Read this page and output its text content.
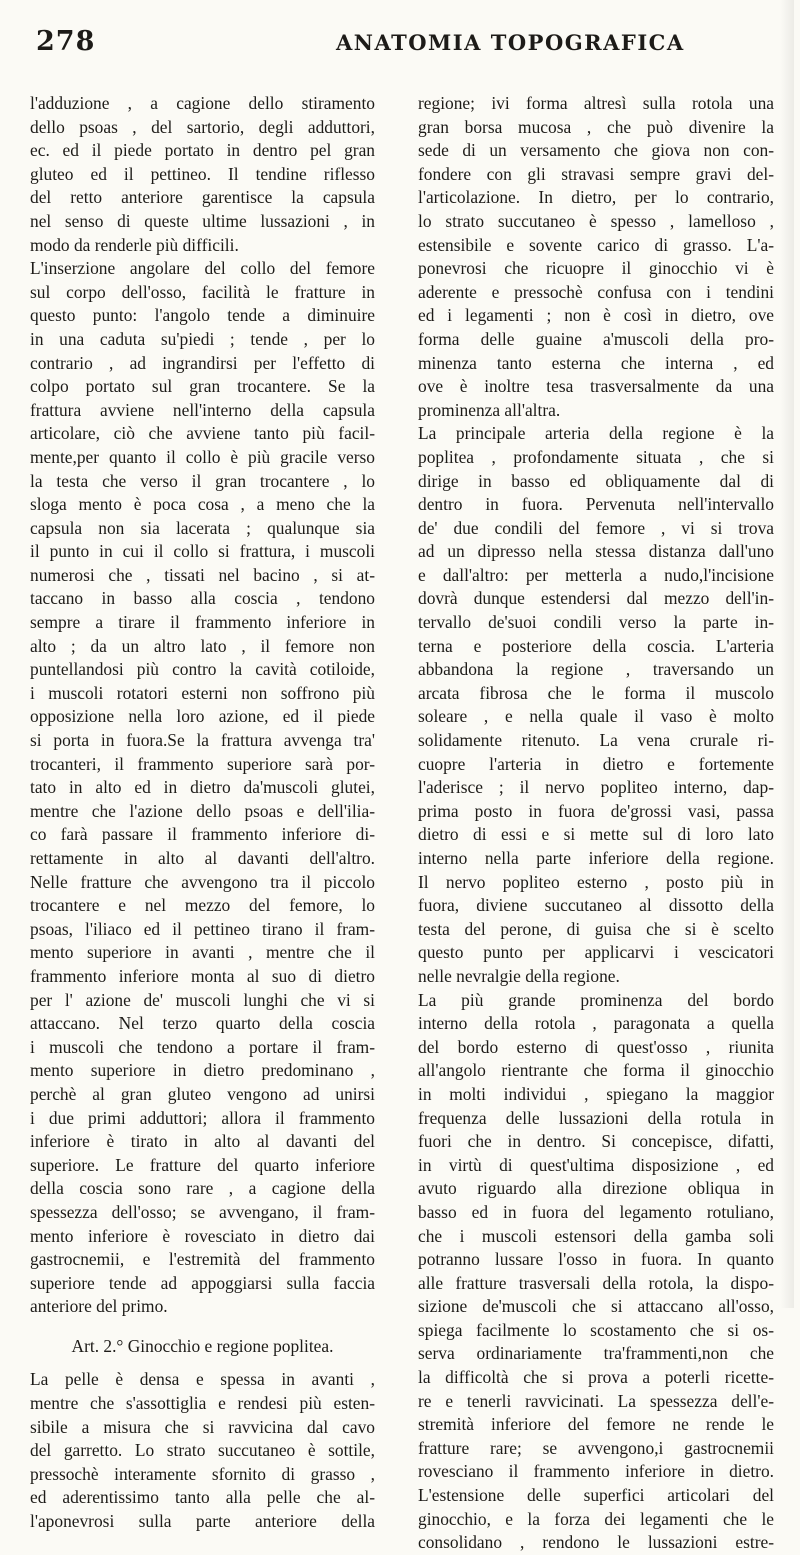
278	ANATOMIA TOPOGRAFICA
l'adduzione , a cagione dello stiramento
dello psoas , del sartorio, degli adduttori,
ec. ed il piede portato in dentro pel gran
gluteo ed il pettineo. Il tendine riflesso
del retto anteriore garentisce la capsula
nel senso di queste ultime lussazioni , in
modo da renderle più difficili.
L'inserzione angolare del collo del femore
sul corpo dell'osso, facilità le fratture in
questo punto: l'angolo tende a diminuire
in una caduta su'piedi ; tende , per lo
contrario , ad ingrandirsi per l'effetto di
colpo portato sul gran trocantere. Se la
frattura avviene nell'interno della capsula
articolare, ciò che avviene tanto più facil-
mente,per quanto il collo è più gracile verso
la testa che verso il gran trocantere , lo
sloga mento è poca cosa , a meno che la
capsula non sia lacerata ; qualunque sia
il punto in cui il collo si frattura, i muscoli
numerosi che , tissati nel bacino , si at-
taccano in basso alla coscia , tendono
sempre a tirare il frammento inferiore in
alto ; da un altro lato , il femore non
puntellandosi più contro la cavità cotiloide,
i muscoli rotatori esterni non soffrono più
opposizione nella loro azione, ed il piede
si porta in fuora.Se la frattura avvenga tra'
trocanteri, il frammento superiore sarà por-
tato in alto ed in dietro da'muscoli glutei,
mentre che l'azione dello psoas e dell'ilia-
co farà passare il frammento inferiore di-
rettamente in alto al davanti dell'altro.
Nelle fratture che avvengono tra il piccolo
trocantere e nel mezzo del femore, lo
psoas, l'iliaco ed il pettineo tirano il fram-
mento superiore in avanti , mentre che il
frammento inferiore monta al suo di dietro
per l' azione de' muscoli lunghi che vi si
attaccano. Nel terzo quarto della coscia
i muscoli che tendono a portare il fram-
mento superiore in dietro predominano ,
perchè al gran gluteo vengono ad unirsi
i due primi adduttori; allora il frammento
inferiore è tirato in alto al davanti del
superiore. Le fratture del quarto inferiore
della coscia sono rare , a cagione della
spessezza dell'osso; se avvengano, il fram-
mento inferiore è rovesciato in dietro dai
gastrocnemii, e l'estremità del frammento
superiore tende ad appoggiarsi sulla faccia
anteriore del primo.
Art. 2.° Ginocchio e regione poplitea.
La pelle è densa e spessa in avanti ,
mentre che s'assottiglia e rendesi più esten-
sibile a misura che si ravvicina dal cavo
del garretto. Lo strato succutaneo è sottile,
pressochè interamente sfornito di grasso ,
ed aderentissimo tanto alla pelle che al-
l'aponevrosi sulla parte anteriore della
regione; ivi forma altresì sulla rotola una
gran borsa mucosa , che può divenire la
sede di un versamento che giova non con-
fondere con gli stravasi sempre gravi del-
l'articolazione. In dietro, per lo contrario,
lo strato succutaneo è spesso , lamelloso ,
estensibile e sovente carico di grasso. L'a-
ponevrosi che ricuopre il ginocchio vi è
aderente e pressochè confusa con i tendini
ed i legamenti ; non è così in dietro, ove
forma delle guaine a'muscoli della pro-
minenza tanto esterna che interna , ed
ove è inoltre tesa trasversalmente da una
prominenza all'altra.
La principale arteria della regione è la
poplitea , profondamente situata , che si
dirige in basso ed obliquamente dal di
dentro in fuora. Pervenuta nell'intervallo
de' due condili del femore , vi si trova
ad un dipresso nella stessa distanza dall'uno
e dall'altro: per metterla a nudo,l'incisione
dovrà dunque estendersi dal mezzo dell'in-
tervallo de'suoi condili verso la parte in-
terna e posteriore della coscia. L'arteria
abbandona la regione , traversando un
arcata fibrosa che le forma il muscolo
soleare , e nella quale il vaso è molto
solidamente ritenuto. La vena crurale ri-
cuopre l'arteria in dietro e fortemente
l'aderisce ; il nervo popliteo interno, dap-
prima posto in fuora de'grossi vasi, passa
dietro di essi e si mette sul di loro lato
interno nella parte inferiore della regione.
Il nervo popliteo esterno , posto più in
fuora, diviene succutaneo al dissotto della
testa del perone, di guisa che si è scelto
questo punto per applicarvi i vescicatori
nelle nevralgie della regione.
La più grande prominenza del bordo
interno della rotola , paragonata a quella
del bordo esterno di quest'osso , riunita
all'angolo rientrante che forma il ginocchio
in molti individui , spiegano la maggior
frequenza delle lussazioni della rotula in
fuori che in dentro. Si concepisce, difatti,
in virtù di quest'ultima disposizione , ed
avuto riguardo alla direzione obliqua in
basso ed in fuora del legamento rotuliano,
che i muscoli estensori della gamba soli
potranno lussare l'osso in fuora. In quanto
alle fratture trasversali della rotola, la dispo-
sizione de'muscoli che si attaccano all'osso,
spiega facilmente lo scostamento che si os-
serva ordinariamente tra'frammenti,non che
la difficoltà che si prova a poterli ricette-
re e tenerli ravvicinati. La spessezza dell'e-
stremità inferiore del femore ne rende le
fratture rare; se avvengono,i gastrocnemii
rovesciano il frammento inferiore in dietro.
L'estensione delle superfici articolari del
ginocchio, e la forza dei legamenti che le
consolidano , rendono le lussazioni estre-
